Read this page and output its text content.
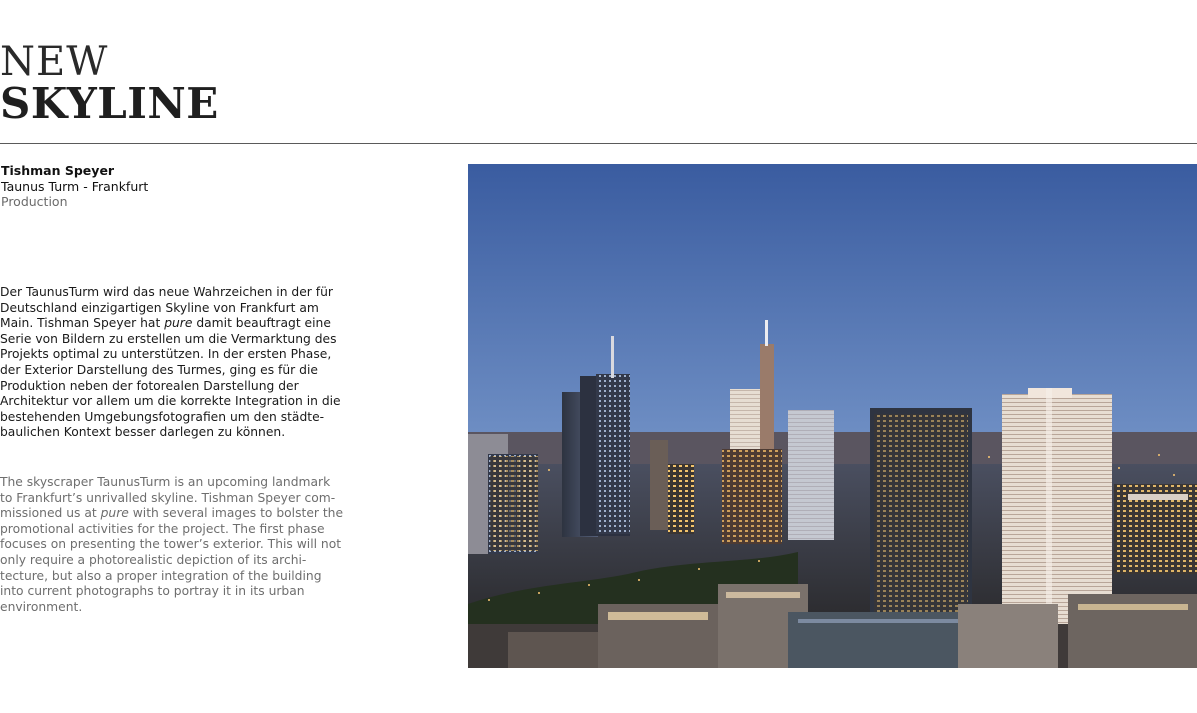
NEW
SKYLINE
Tishman Speyer
Taunus Turm - Frankfurt
Production

Der TaunusTurm wird das neue Wahrzeichen in der für Deutschland einzigartigen Skyline von Frankfurt am Main. Tishman Speyer hat pure damit beauftragt eine Serie von Bildern zu erstellen um die Vermarktung des Projekts optimal zu unterstützen. In der ersten Phase, der Exterior Darstellung des Turmes, ging es für die Produktion neben der fotorealen Darstellung der Architektur vor allem um die korrekte Integration in die bestehenden Umgebungsfotografien um den städte-baulichen Kontext besser darlegen zu können.

The skyscraper TaunusTurm is an upcoming landmark to Frankfurt’s unrivalled skyline. Tishman Speyer com-missioned us at pure with several images to bolster the promotional activities for the project. The first phase focuses on presenting the tower’s exterior. This will not only require a photorealistic depiction of its archi-tecture, but also a proper integration of the building into current photographs to portray it in its urban environment.
